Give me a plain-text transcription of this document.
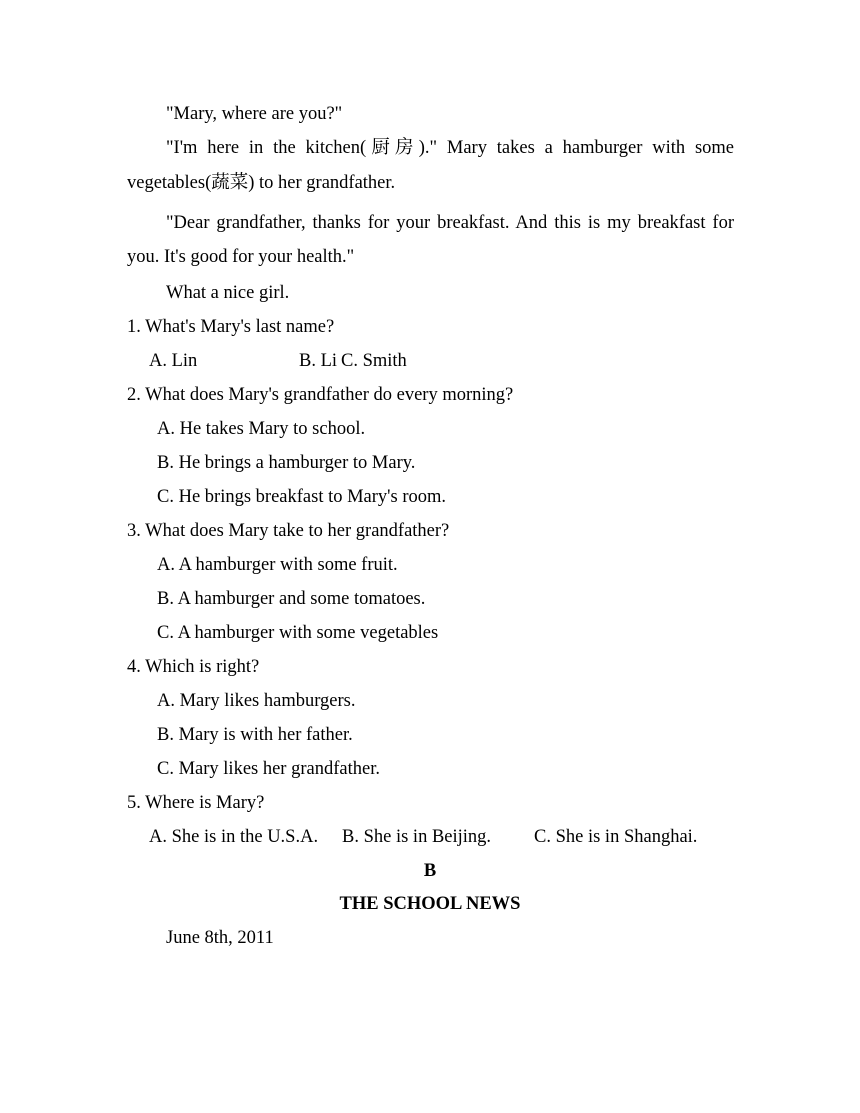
"Mary, where are you?"
"I'm here in the kitchen(厨房)." Mary takes a hamburger with some vegetables(蔬菜) to her grandfather.
"Dear grandfather, thanks for your breakfast. And this is my breakfast for you. It's good for your health."
What a nice girl.
1. What's Mary's last name?
A. Lin	B. Li C. Smith
2. What does Mary's grandfather do every morning?
A. He takes Mary to school.
B. He brings a hamburger to Mary.
C. He brings breakfast to Mary's room.
3. What does Mary take to her grandfather?
A. A hamburger with some fruit.
B. A hamburger and some tomatoes.
C. A hamburger with some vegetables
4. Which is right?
A. Mary likes hamburgers.
B. Mary is with her father.
C. Mary likes her grandfather.
5. Where is Mary?
A. She is in the U.S.A. B. She is in Beijing. C. She is in Shanghai.
B
THE SCHOOL NEWS
June 8th, 2011
